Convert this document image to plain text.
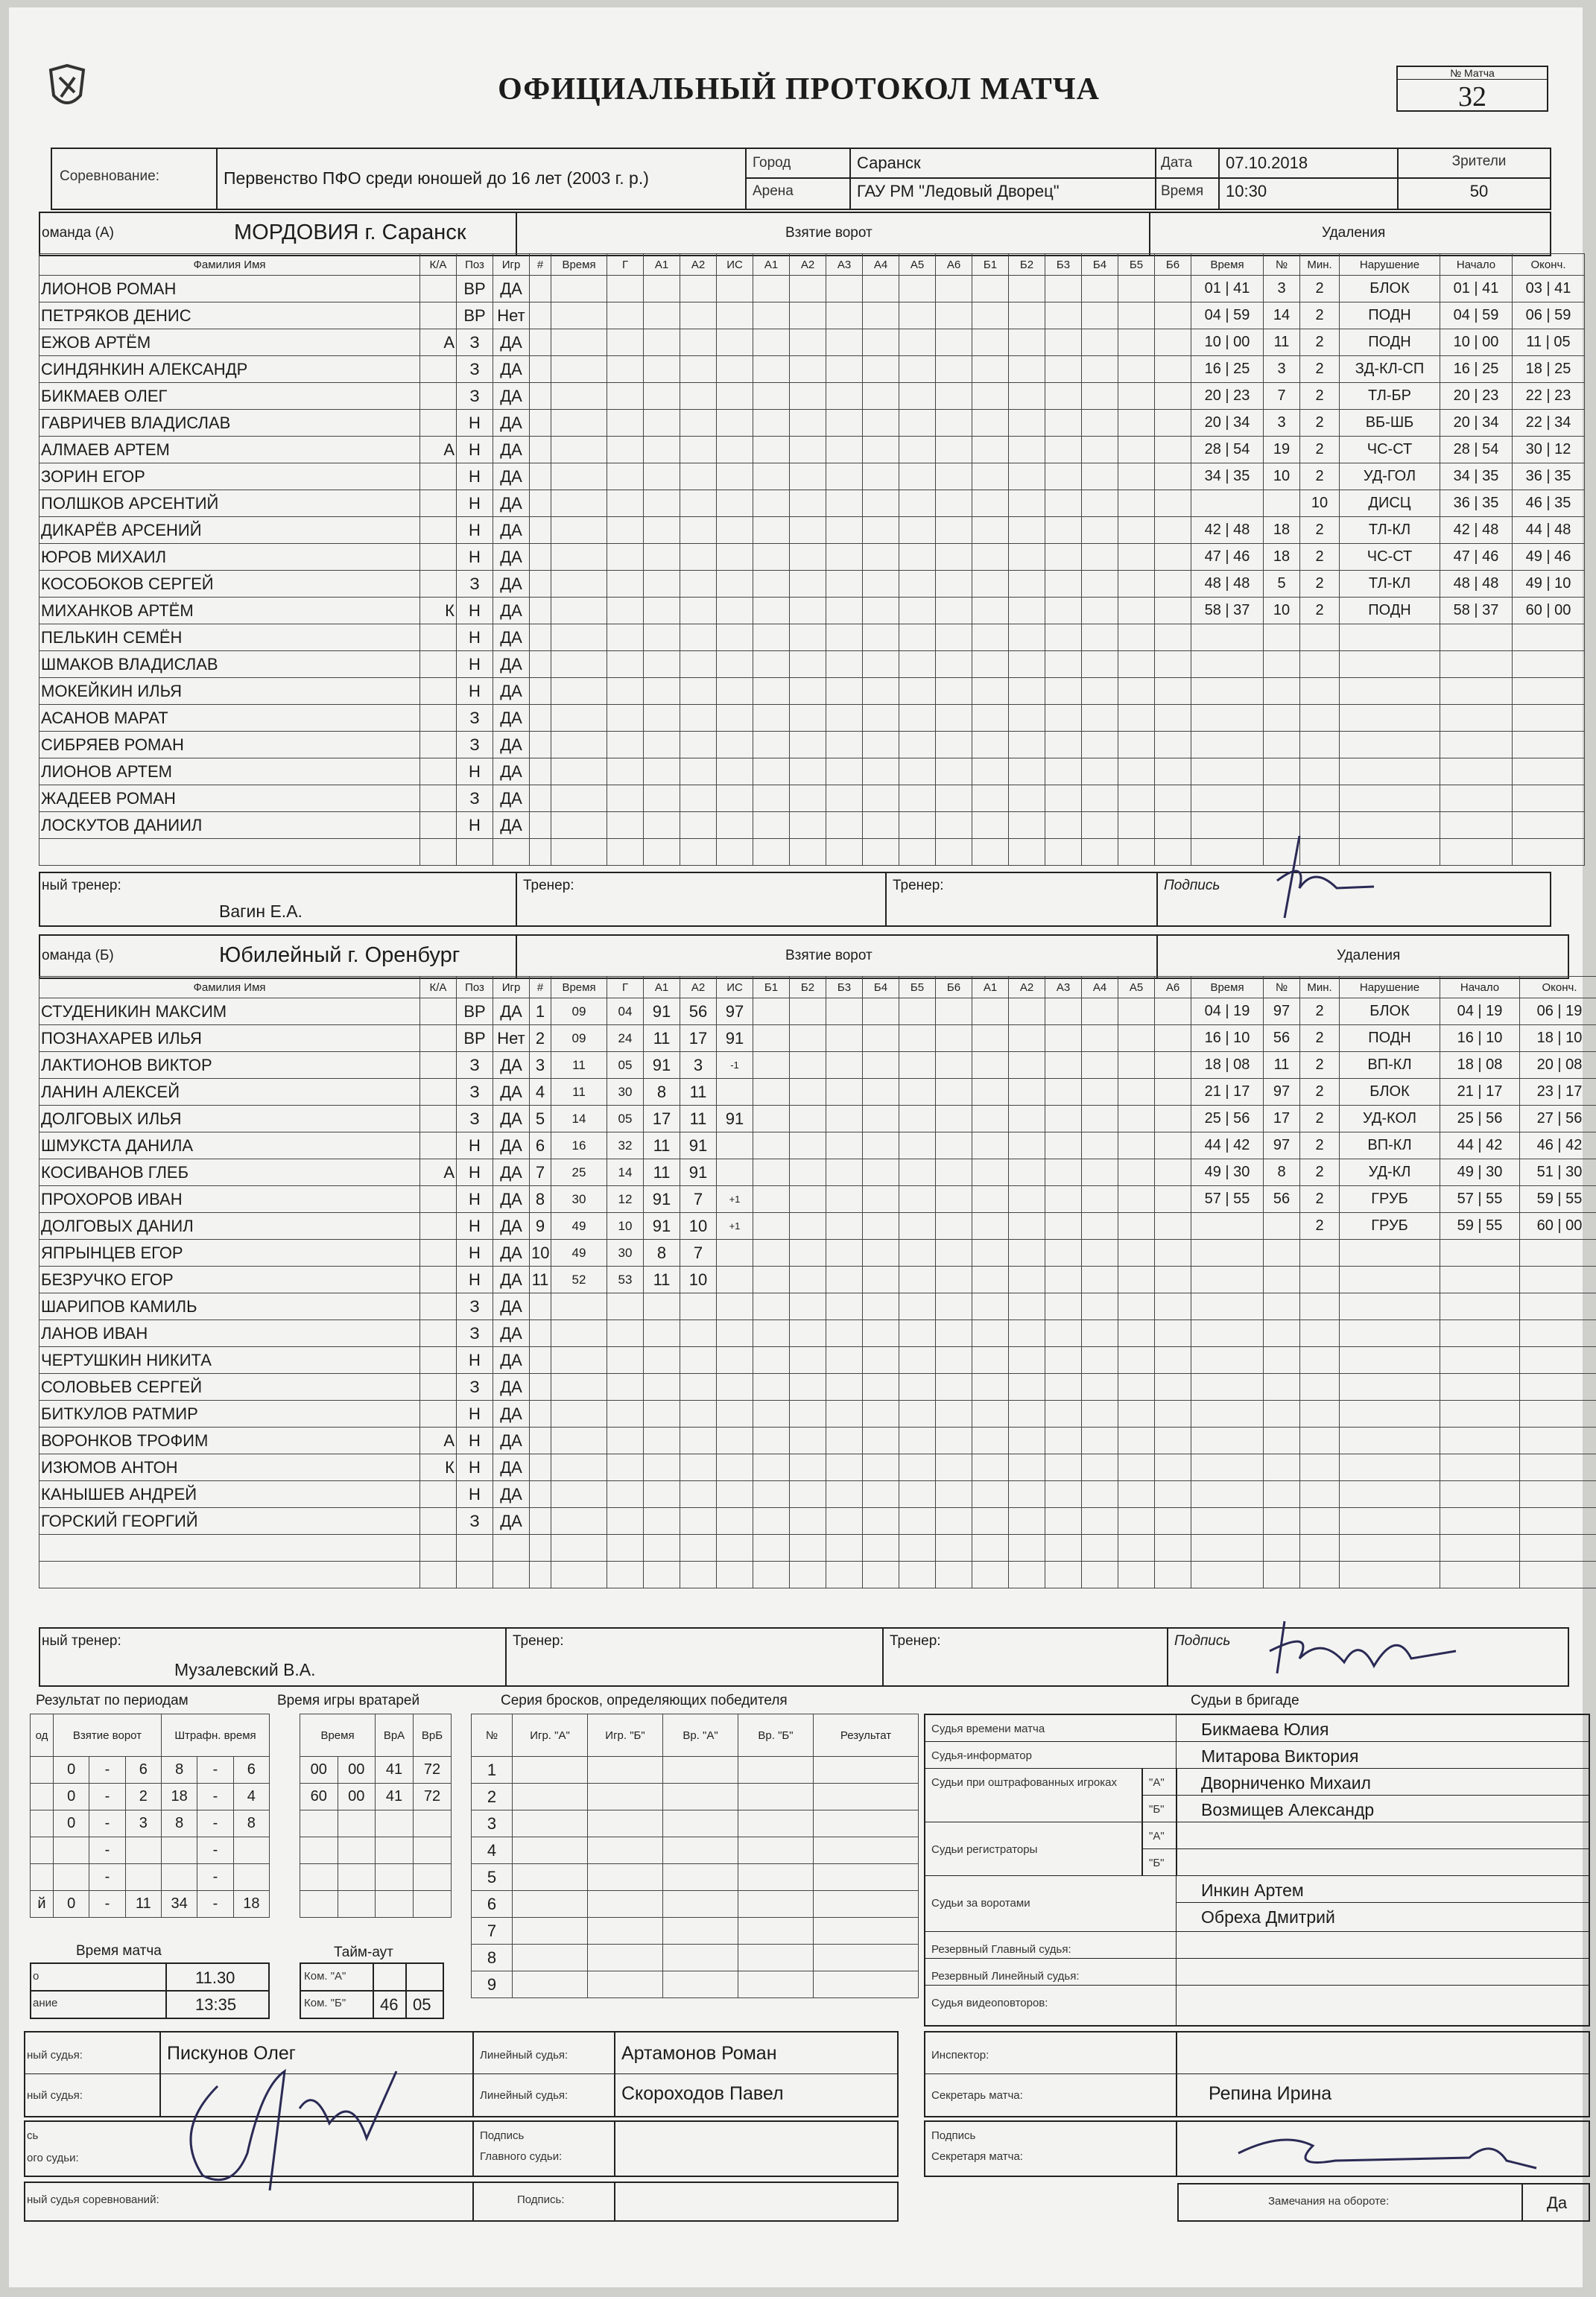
ОФИЦИАЛЬНЫЙ ПРОТОКОЛ МАТЧА	№ Матча
32
Соревнование:	Первенство ПФО среди юношей до 16 лет (2003 г. р.)
Город	Саранск
Арена	ГАУ РМ "Ледовый Дворец"
Дата 07.10.2018
Время 10:30
Зрители
50
оманда (А)	МОРДОВИЯ г. Саранск	Взятие ворот	Удаления
Фамилия Имя	К/А	Поз	Игр	#	Время	Г	А1	А2	ИС	А1	А2	А3	А4	А5	А6	Б1	Б2	Б3	Б4	Б5	Б6	Время	№	Мин.	Нарушение	Начало	Оконч.
ЛИОНОВ РОМАН		ВР	ДА																			01 | 41	3	2	БЛОК	01 | 41	03 | 41
ПЕТРЯКОВ ДЕНИС		ВР	Нет																			04 | 59	14	2	ПОДН	04 | 59	06 | 59
ЕЖОВ АРТЁМ	А	З	ДА																			10 | 00	11	2	ПОДН	10 | 00	11 | 05
СИНДЯНКИН АЛЕКСАНДР		З	ДА																			16 | 25	3	2	ЗД-КЛ-СП	16 | 25	18 | 25
БИКМАЕВ ОЛЕГ		З	ДА																			20 | 23	7	2	ТЛ-БР	20 | 23	22 | 23
ГАВРИЧЕВ ВЛАДИСЛАВ		Н	ДА																			20 | 34	3	2	ВБ-ШБ	20 | 34	22 | 34
АЛМАЕВ АРТЕМ	А	Н	ДА																			28 | 54	19	2	ЧС-СТ	28 | 54	30 | 12
ЗОРИН ЕГОР		Н	ДА																			34 | 35	10	2	УД-ГОЛ	34 | 35	36 | 35
ПОЛШКОВ АРСЕНТИЙ		Н	ДА																					10	ДИСЦ	36 | 35	46 | 35
ДИКАРЁВ АРСЕНИЙ		Н	ДА																			42 | 48	18	2	ТЛ-КЛ	42 | 48	44 | 48
ЮРОВ МИХАИЛ		Н	ДА																			47 | 46	18	2	ЧС-СТ	47 | 46	49 | 46
КОСОБОКОВ СЕРГЕЙ		З	ДА																			48 | 48	5	2	ТЛ-КЛ	48 | 48	49 | 10
МИХАНКОВ АРТЁМ	К	Н	ДА																			58 | 37	10	2	ПОДН	58 | 37	60 | 00
ПЕЛЬКИН СЕМЁН		Н	ДА																								
ШМАКОВ ВЛАДИСЛАВ		Н	ДА																								
МОКЕЙКИН ИЛЬЯ		Н	ДА																								
АСАНОВ МАРАТ		З	ДА																								
СИБРЯЕВ РОМАН		З	ДА																								
ЛИОНОВ АРТЕМ		Н	ДА																								
ЖАДЕЕВ РОМАН		З	ДА																								
ЛОСКУТОВ ДАНИИЛ		Н	ДА																								

ный тренер:
Вагин Е.А.
Тренер:	Тренер:	Подпись
оманда (Б)	Юбилейный г. Оренбург	Взятие ворот	Удаления
Фамилия Имя	К/А	Поз	Игр	#	Время	Г	А1	А2	ИС	Б1	Б2	Б3	Б4	Б5	Б6	А1	А2	А3	А4	А5	А6	Время	№	Мин.	Нарушение	Начало	Оконч.
СТУДЕНИКИН МАКСИМ		ВР	ДА	1	09	04	91	56	97													04 | 19	97	2	БЛОК	04 | 19	06 | 19
ПОЗНАХАРЕВ ИЛЬЯ		ВР	Нет	2	09	24	11	17	91													16 | 10	56	2	ПОДН	16 | 10	18 | 10
ЛАКТИОНОВ ВИКТОР		З	ДА	3	11	05	91	3	-1													18 | 08	11	2	ВП-КЛ	18 | 08	20 | 08
ЛАНИН АЛЕКСЕЙ		З	ДА	4	11	30	8	11														21 | 17	97	2	БЛОК	21 | 17	23 | 17
ДОЛГОВЫХ ИЛЬЯ		З	ДА	5	14	05	17	11	91													25 | 56	17	2	УД-КОЛ	25 | 56	27 | 56
ШМУКСТА ДАНИЛА		Н	ДА	6	16	32	11	91														44 | 42	97	2	ВП-КЛ	44 | 42	46 | 42
КОСИВАНОВ ГЛЕБ	А	Н	ДА	7	25	14	11	91														49 | 30	8	2	УД-КЛ	49 | 30	51 | 30
ПРОХОРОВ ИВАН		Н	ДА	8	30	12	91	7	+1													57 | 55	56	2	ГРУБ	57 | 55	59 | 55
ДОЛГОВЫХ ДАНИЛ		Н	ДА	9	49	10	91	10	+1															2	ГРУБ	59 | 55	60 | 00
ЯПРЫНЦЕВ ЕГОР		Н	ДА	10	49	30	8	7																			
БЕЗРУЧКО ЕГОР		Н	ДА	11	52	53	11	10																			
ШАРИПОВ КАМИЛЬ		З	ДА																								
ЛАНОВ ИВАН		З	ДА																								
ЧЕРТУШКИН НИКИТА		Н	ДА																								
СОЛОВЬЕВ СЕРГЕЙ		З	ДА																								
БИТКУЛОВ РАТМИР		Н	ДА																								
ВОРОНКОВ ТРОФИМ	А	Н	ДА																								
ИЗЮМОВ АНТОН	К	Н	ДА																								
КАНЫШЕВ АНДРЕЙ		Н	ДА																								
ГОРСКИЙ ГЕОРГИЙ		З	ДА																								

ный тренер:
Музалевский В.А.
Тренер:	Тренер:	Подпись
Результат по периодам
од	Взятие ворот			Штрафн. время		
	0	-	6	8	-	6
	0	-	2	18	-	4
	0	-	3	8	-	8
		-			-	
		-			-	
й	0	-	11	34	-	18
Время игры вратарей
Время		ВрА	ВрБ
00	00	41	72
60	00	41	72

Время матча
о	11.30
ание	13:35
Тайм-аут
Ком. "А"
Ком. "Б" 46 05
Серия бросков, определяющих победителя
№	Игр. "А"	Игр. "Б"	Вр. "А"	Вр. "Б"	Результат
1					
2					
3					
4					
5					
6					
7					
8					
9					
Судьи в бригаде
Судья времени матча	Бикмаева Юлия
Судья-информатор	Митарова Виктория
Судьи при оштрафованных игроках	"А" Дворниченко Михаил
"Б" Возмищев Александр
Судьи регистраторы
"А"
"Б"
Судьи за воротами
Инкин Артем
Обреха Дмитрий
Резервный Главный судья:
Резервный Линейный судья:
Судья видеоповторов:
ный судья:	Пискунов Олег
ный судья:
Линейный судья:	Артамонов Роман
Линейный судья:	Скороходов Павел
сь
ого судьи:
Подпись
Главного судьи:
ный судья соревнований:	Подпись:
Инспектор:
Секретарь матча:	Репина Ирина
Подпись
Секретаря матча:
Замечания на обороте:	Да
